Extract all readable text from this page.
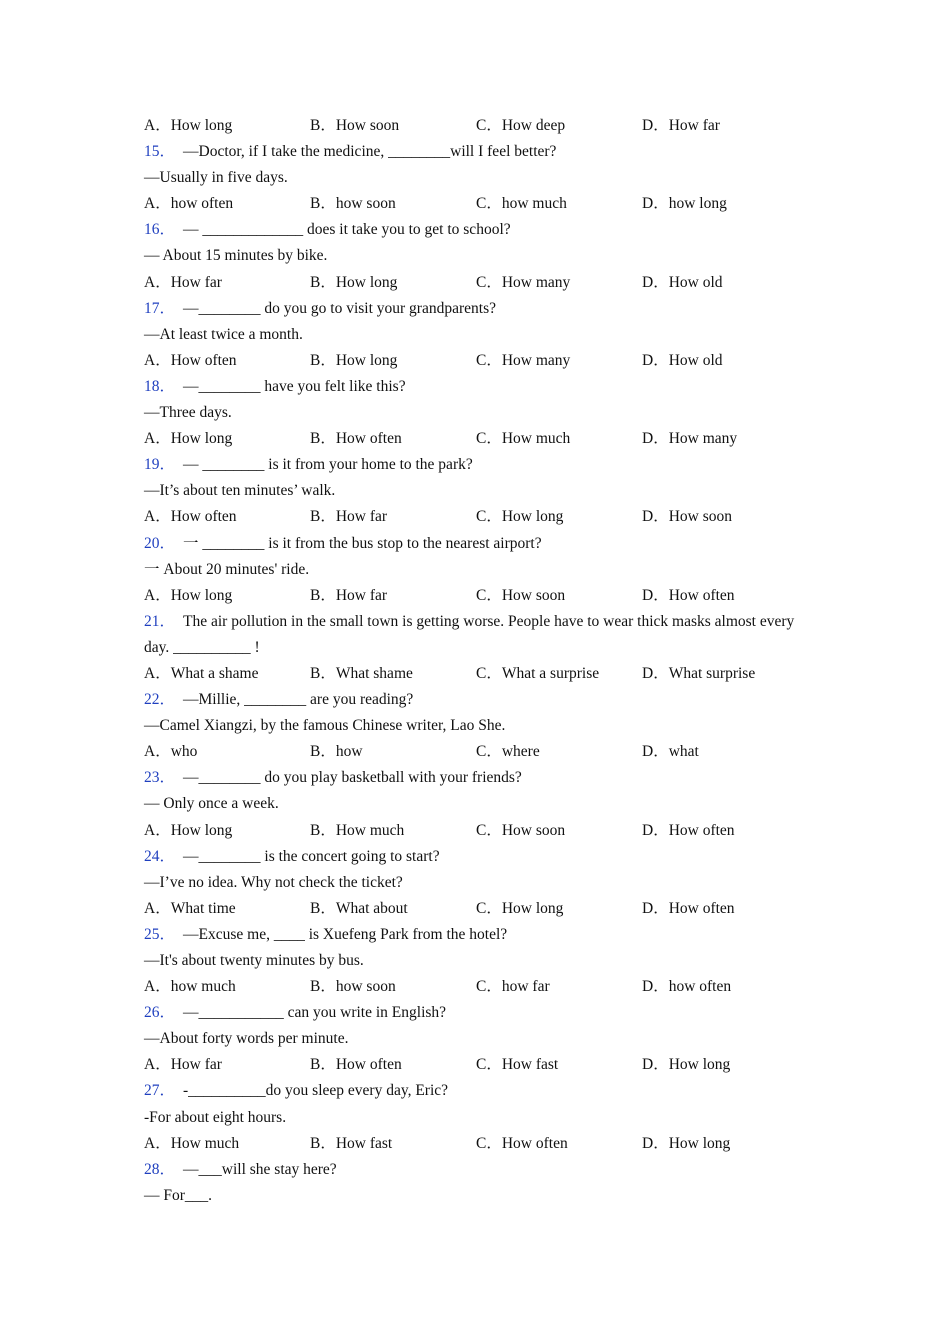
A．How long	B．How soon	C．How deep	D．How far
15． —Doctor, if I take the medicine, ________will I feel better?
—Usually in five days.
A．how often	B．how soon	C．how much	D．how long
16． — _____________ does it take you to get to school?
— About 15 minutes by bike.
A．How far	B．How long	C．How many	D．How old
17． —________ do you go to visit your grandparents?
—At least twice a month.
A．How often	B．How long	C．How many	D．How old
18． —________ have you felt like this?
—Three days.
A．How long	B．How often	C．How much	D．How many
19． — ________ is it from your home to the park?
—It’s about ten minutes’ walk.
A．How often	B．How far	C．How long	D．How soon
20． 一 ________ is it from the bus stop to the nearest airport?
一 About 20 minutes' ride.
A．How long	B．How far	C．How soon	D．How often
21． The air pollution in the small town is getting worse. People have to wear thick masks almost every day. __________ !
A．What a shame	B．What shame	C．What a surprise	D．What surprise
22． —Millie, ________ are you reading?
—Camel Xiangzi, by the famous Chinese writer, Lao She.
A．who	B．how	C．where	D．what
23． —________ do you play basketball with your friends?
— Only once a week.
A．How long	B．How much	C．How soon	D．How often
24． —________ is the concert going to start?
—I’ve no idea. Why not check the ticket?
A．What time	B．What about	C．How long	D．How often
25． —Excuse me, ____ is Xuefeng Park from the hotel?
—It's about twenty minutes by bus.
A．how much	B．how soon	C．how far	D．how often
26． —___________ can you write in English?
—About forty words per minute.
A．How far	B．How often	C．How fast	D．How long
27． -__________do you sleep every day, Eric?
-For about eight hours.
A．How much	B．How fast	C．How often	D．How long
28． —___will she stay here?
— For___.
